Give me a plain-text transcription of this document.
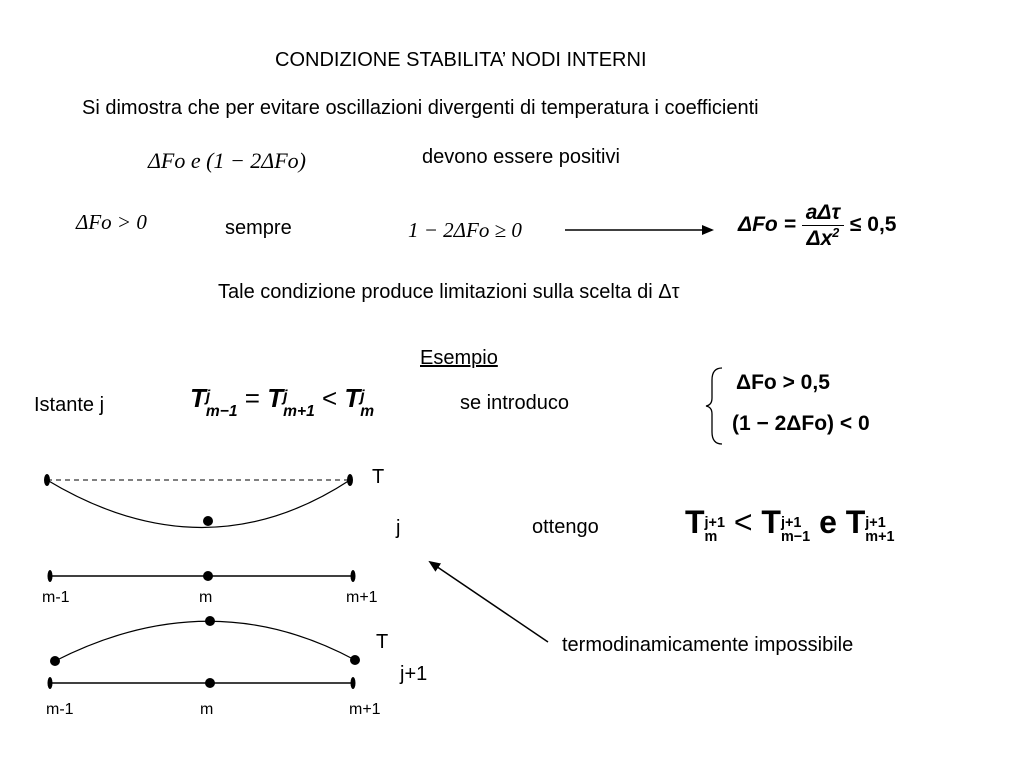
CONDIZIONE STABILITA’ NODI INTERNI
Si dimostra che per evitare oscillazioni divergenti di temperatura i coefficienti
ΔFo e (1 − 2ΔFo)	devono essere positivi
ΔFo > 0	sempre	1 − 2ΔFo ≥ 0	$\Delta Fo = \frac{\text{aΔτ}}{\Delta x^2} \le 0,5$
Tale condizione produce limitazioni sulla scelta di Δτ
Esempio
Istante j	T j
m−1 = T j
m+1 < T j
m	se introduco
ΔFo > 0,5
(1 − 2ΔFo) < 0
T
j
m-1	m	m+1
ottengo	T j+1
m < T j+1
m−1 e T j+1
m+1
T
j+1
m-1	m	m+1
termodinamicamente impossibile
